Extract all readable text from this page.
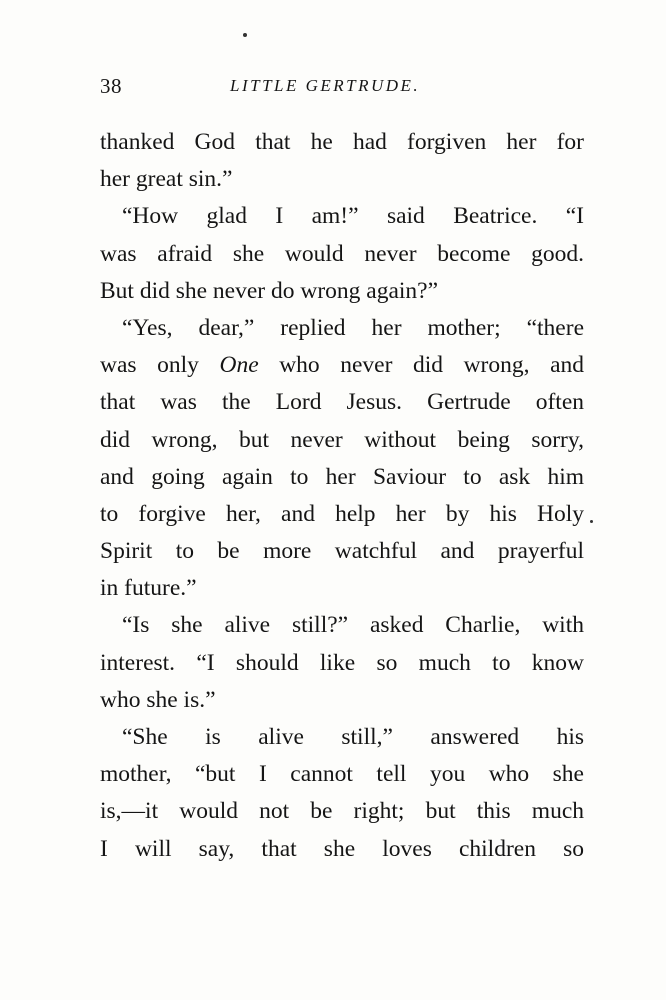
38	LITTLE GERTRUDE.
thanked God that he had forgiven her for
her great sin.”
“How glad I am!” said Beatrice. “I
was afraid she would never become good.
But did she never do wrong again?”
“Yes, dear,” replied her mother; “there
was only One who never did wrong, and
that was the Lord Jesus. Gertrude often
did wrong, but never without being sorry,
and going again to her Saviour to ask him
to forgive her, and help her by his Holy
Spirit to be more watchful and prayerful
in future.”
“Is she alive still?” asked Charlie, with
interest. “I should like so much to know
who she is.”
“She is alive still,” answered his
mother, “but I cannot tell you who she
is,—it would not be right; but this much
I will say, that she loves children so
